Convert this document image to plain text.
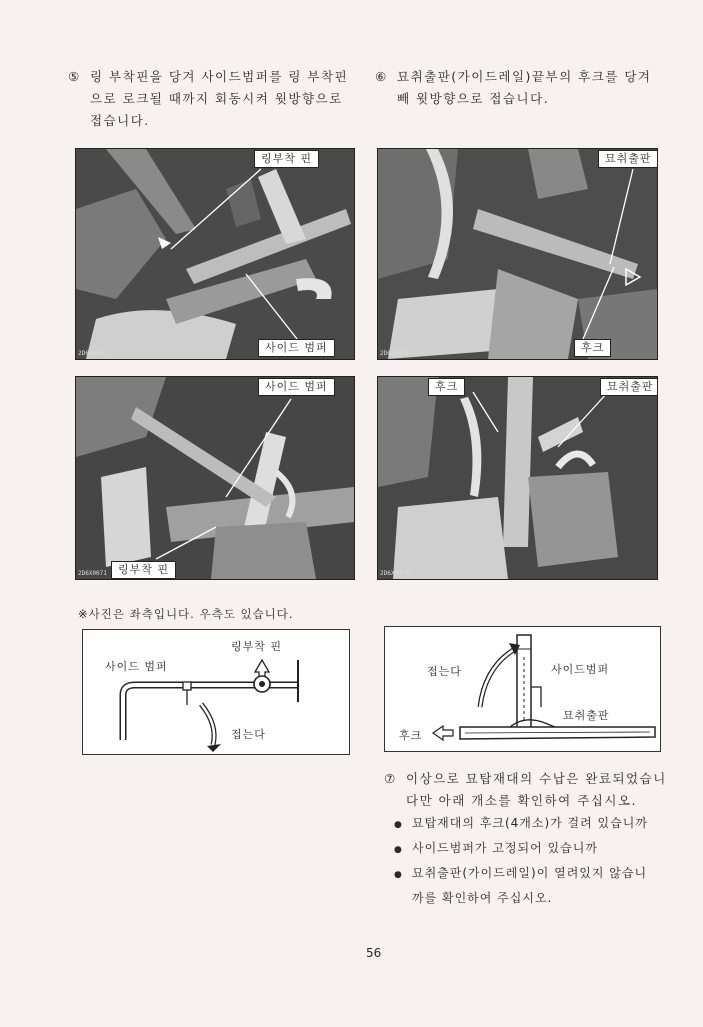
⑤ 링 부착핀을 당겨 사이드범퍼를 링 부착핀
으로 로크될 때까지 회동시켜 윗방향으로
접습니다.
⑥ 묘취출판(가이드레일)끝부의 후크를 당겨
빼 윗방향으로 접습니다.
링부착 핀
사이드 범퍼
2D6X0061
묘취출판
후크
2D6X0074
사이드 범퍼
링부착 핀
2D6X0071
후크	묘취출판
2D6X0073
※사진은 좌측입니다. 우측도 있습니다.
링부착 핀
사이드 범퍼
접는다
접는다	사이드범퍼
묘취출판
후크
⑦ 이상으로 묘탑재대의 수납은 완료되었습니
다만 아래 개소를 확인하여 주십시오.
● 묘탑재대의 후크(4개소)가 걸려 있습니까
● 사이드범퍼가 고정되어 있습니까
● 묘취출판(가이드레일)이 열려있지 않습니
까를 확인하여 주십시오.
56
